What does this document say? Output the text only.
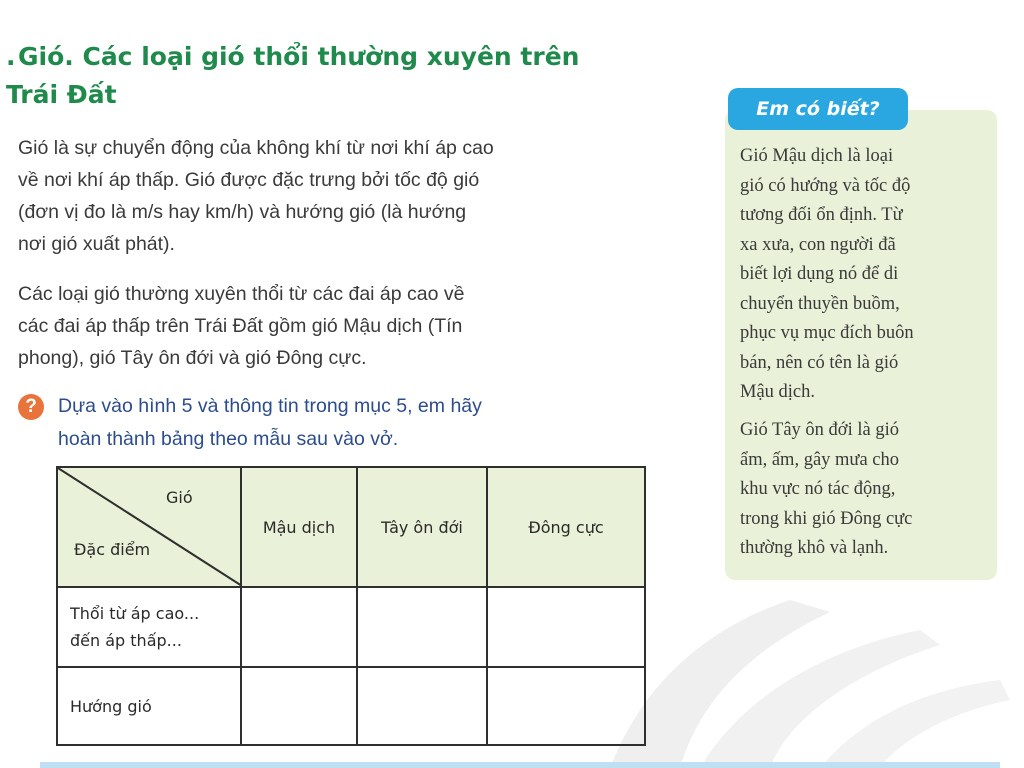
. Gió. Các loại gió thổi thường xuyên trên
Trái Đất
Gió là sự chuyển động của không khí từ nơi khí áp cao
về nơi khí áp thấp. Gió được đặc trưng bởi tốc độ gió
(đơn vị đo là m/s hay km/h) và hướng gió (là hướng
nơi gió xuất phát).
Các loại gió thường xuyên thổi từ các đai áp cao về
các đai áp thấp trên Trái Đất gồm gió Mậu dịch (Tín
phong), gió Tây ôn đới và gió Đông cực.
?	Dựa vào hình 5 và thông tin trong mục 5, em hãy
hoàn thành bảng theo mẫu sau vào vở.
Gió
Đặc điểm	Mậu dịch	Tây ôn đới	Đông cực

Thổi từ áp cao...
đến áp thấp...			

Hướng gió			

Em có biết?
Gió Mậu dịch là loại
gió có hướng và tốc độ
tương đối ổn định. Từ
xa xưa, con người đã
biết lợi dụng nó để di
chuyển thuyền buồm,
phục vụ mục đích buôn
bán, nên có tên là gió
Mậu dịch.
Gió Tây ôn đới là gió
ẩm, ấm, gây mưa cho
khu vực nó tác động,
trong khi gió Đông cực
thường khô và lạnh.
